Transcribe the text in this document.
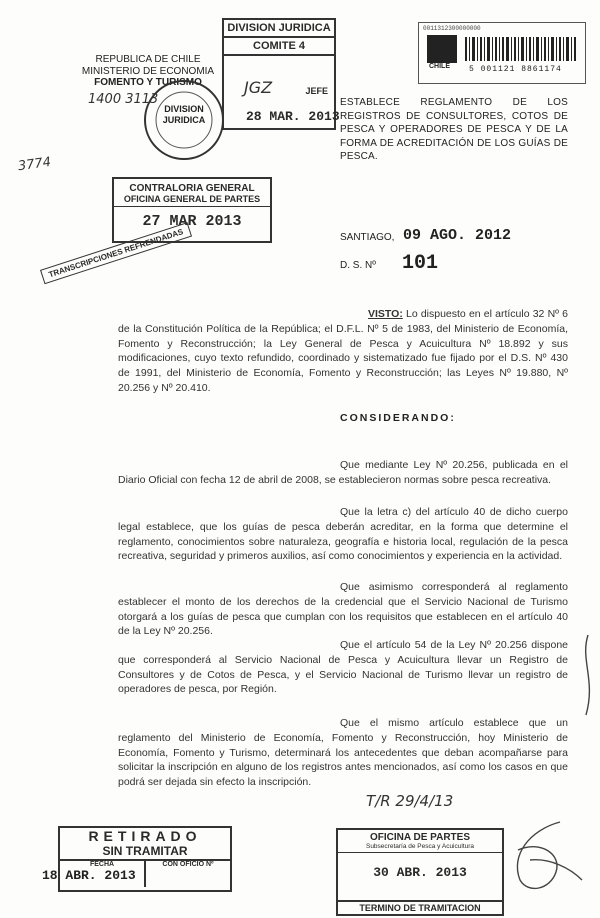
3774
REPUBLICA DE CHILE
MINISTERIO DE ECONOMIA
FOMENTO Y TURISMO
1400 3113
DIVISION
JURIDICA
DIVISION JURIDICA
COMITE 4
JGZ	JEFE
28 MAR. 2013
0011312300000000
CHILE 5 001121 8861174
ESTABLECE REGLAMENTO DE LOS REGISTROS DE CONSULTORES, COTOS DE PESCA Y OPERADORES DE PESCA Y DE LA FORMA DE ACREDITACIÓN DE LOS GUÍAS DE PESCA.
CONTRALORIA GENERAL
OFICINA GENERAL DE PARTES
27 MAR 2013
TRANSCRIPCIONES REFRENDADAS	SANTIAGO, 09 AGO. 2012
D. S. Nº 101
VISTO: Lo dispuesto en el artículo 32 Nº 6 de la Constitución Política de la República; el D.F.L. Nº 5 de 1983, del Ministerio de Economía, Fomento y Reconstrucción; la Ley General de Pesca y Acuicultura Nº 18.892 y sus modificaciones, cuyo texto refundido, coordinado y sistematizado fue fijado por el D.S. Nº 430 de 1991, del Ministerio de Economía, Fomento y Reconstrucción; las Leyes Nº 19.880, Nº 20.256 y Nº 20.410.
CONSIDERANDO:
Que mediante Ley Nº 20.256, publicada en el Diario Oficial con fecha 12 de abril de 2008, se establecieron normas sobre pesca recreativa.
Que la letra c) del artículo 40 de dicho cuerpo legal establece, que los guías de pesca deberán acreditar, en la forma que determine el reglamento, conocimientos sobre naturaleza, geografía e historia local, regulación de la pesca recreativa, seguridad y primeros auxilios, así como conocimientos y experiencia en la actividad.
Que asimismo corresponderá al reglamento establecer el monto de los derechos de la credencial que el Servicio Nacional de Turismo otorgará a los guías de pesca que cumplan con los requisitos que establecen en el artículo 40 de la Ley Nº 20.256.
Que el artículo 54 de la Ley Nº 20.256 dispone que corresponderá al Servicio Nacional de Pesca y Acuicultura llevar un Registro de Consultores y de Cotos de Pesca, y el Servicio Nacional de Turismo llevar un registro de operadores de pesca, por Región.
Que el mismo artículo establece que un reglamento del Ministerio de Economía, Fomento y Reconstrucción, hoy Ministerio de Economía, Fomento y Turismo, determinará los antecedentes que deban acompañarse para solicitar la inscripción en alguno de los registros antes mencionados, así como los casos en que podrá ser dejada sin efecto la inscripción.
T/R 29/4/13
RETIRADO
SIN TRAMITAR
FECHA	CON OFICIO Nº
18 ABR. 2013
OFICINA DE PARTES
Subsecretaría de Pesca y Acuicultura
30 ABR. 2013
TERMINO DE TRAMITACION
